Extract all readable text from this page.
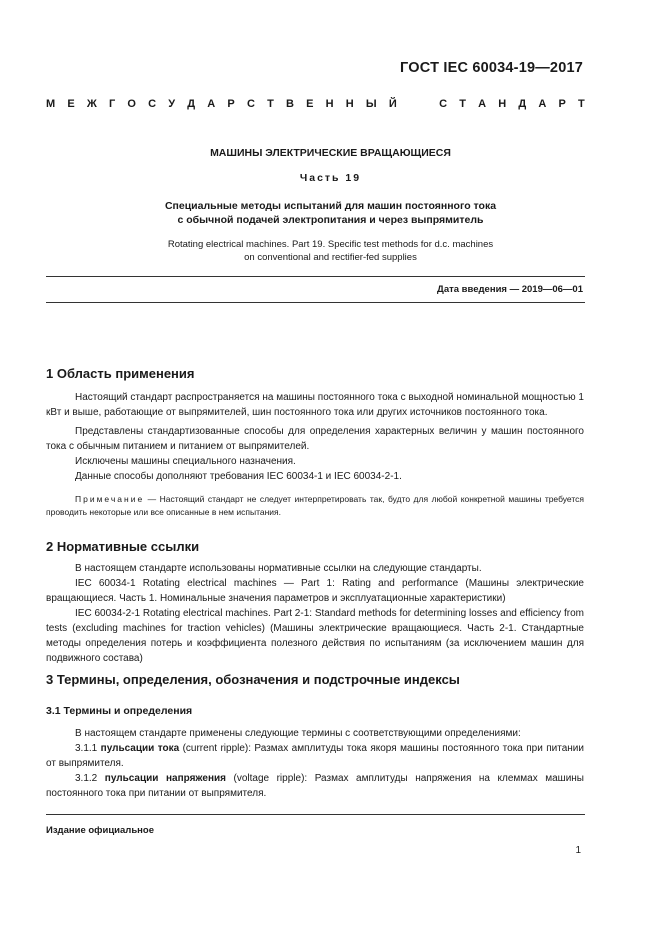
ГОСТ IEC 60034-19—2017
М Е Ж Г О С У Д А Р С Т В Е Н Н Ы Й	С Т А Н Д А Р Т
МАШИНЫ ЭЛЕКТРИЧЕСКИЕ ВРАЩАЮЩИЕСЯ
Часть 19
Специальные методы испытаний для машин постоянного тока
с обычной подачей электропитания и через выпрямитель
Rotating electrical machines. Part 19. Specific test methods for d.c. machines
on conventional and rectifier-fed supplies
Дата введения — 2019—06—01
1 Область применения

Настоящий стандарт распространяется на машины постоянного тока с выходной номинальной мощностью 1 кВт и выше, работающие от выпрямителей, шин постоянного тока или других источников постоянного тока.

Представлены стандартизованные способы для определения характерных величин у машин постоянного тока с обычным питанием и питанием от выпрямителей.

Исключены машины специального назначения.

Данные способы дополняют требования IEC 60034-1 и IEC 60034-2-1.

Примечание — Настоящий стандарт не следует интерпретировать так, будто для любой конкретной машины требуется проводить некоторые или все описанные в нем испытания.

2 Нормативные ссылки

В настоящем стандарте использованы нормативные ссылки на следующие стандарты.

IEC 60034-1 Rotating electrical machines — Part 1: Rating and performance (Машины электрические вращающиеся. Часть 1. Номинальные значения параметров и эксплуатационные характеристики)

IEC 60034-2-1 Rotating electrical machines. Part 2-1: Standard methods for determining losses and efficiency from tests (excluding machines for traction vehicles) (Машины электрические вращающиеся. Часть 2-1. Стандартные методы определения потерь и коэффициента полезного действия по испытаниям (за исключением машин для подвижного состава)

3 Термины, определения, обозначения и подстрочные индексы
3.1 Термины и определения

В настоящем стандарте применены следующие термины с соответствующими определениями:

3.1.1 пульсации тока (current ripple): Размах амплитуды тока якоря машины постоянного тока при питании от выпрямителя.

3.1.2 пульсации напряжения (voltage ripple): Размах амплитуды напряжения на клеммах машины постоянного тока при питании от выпрямителя.

Издание официальное
1
